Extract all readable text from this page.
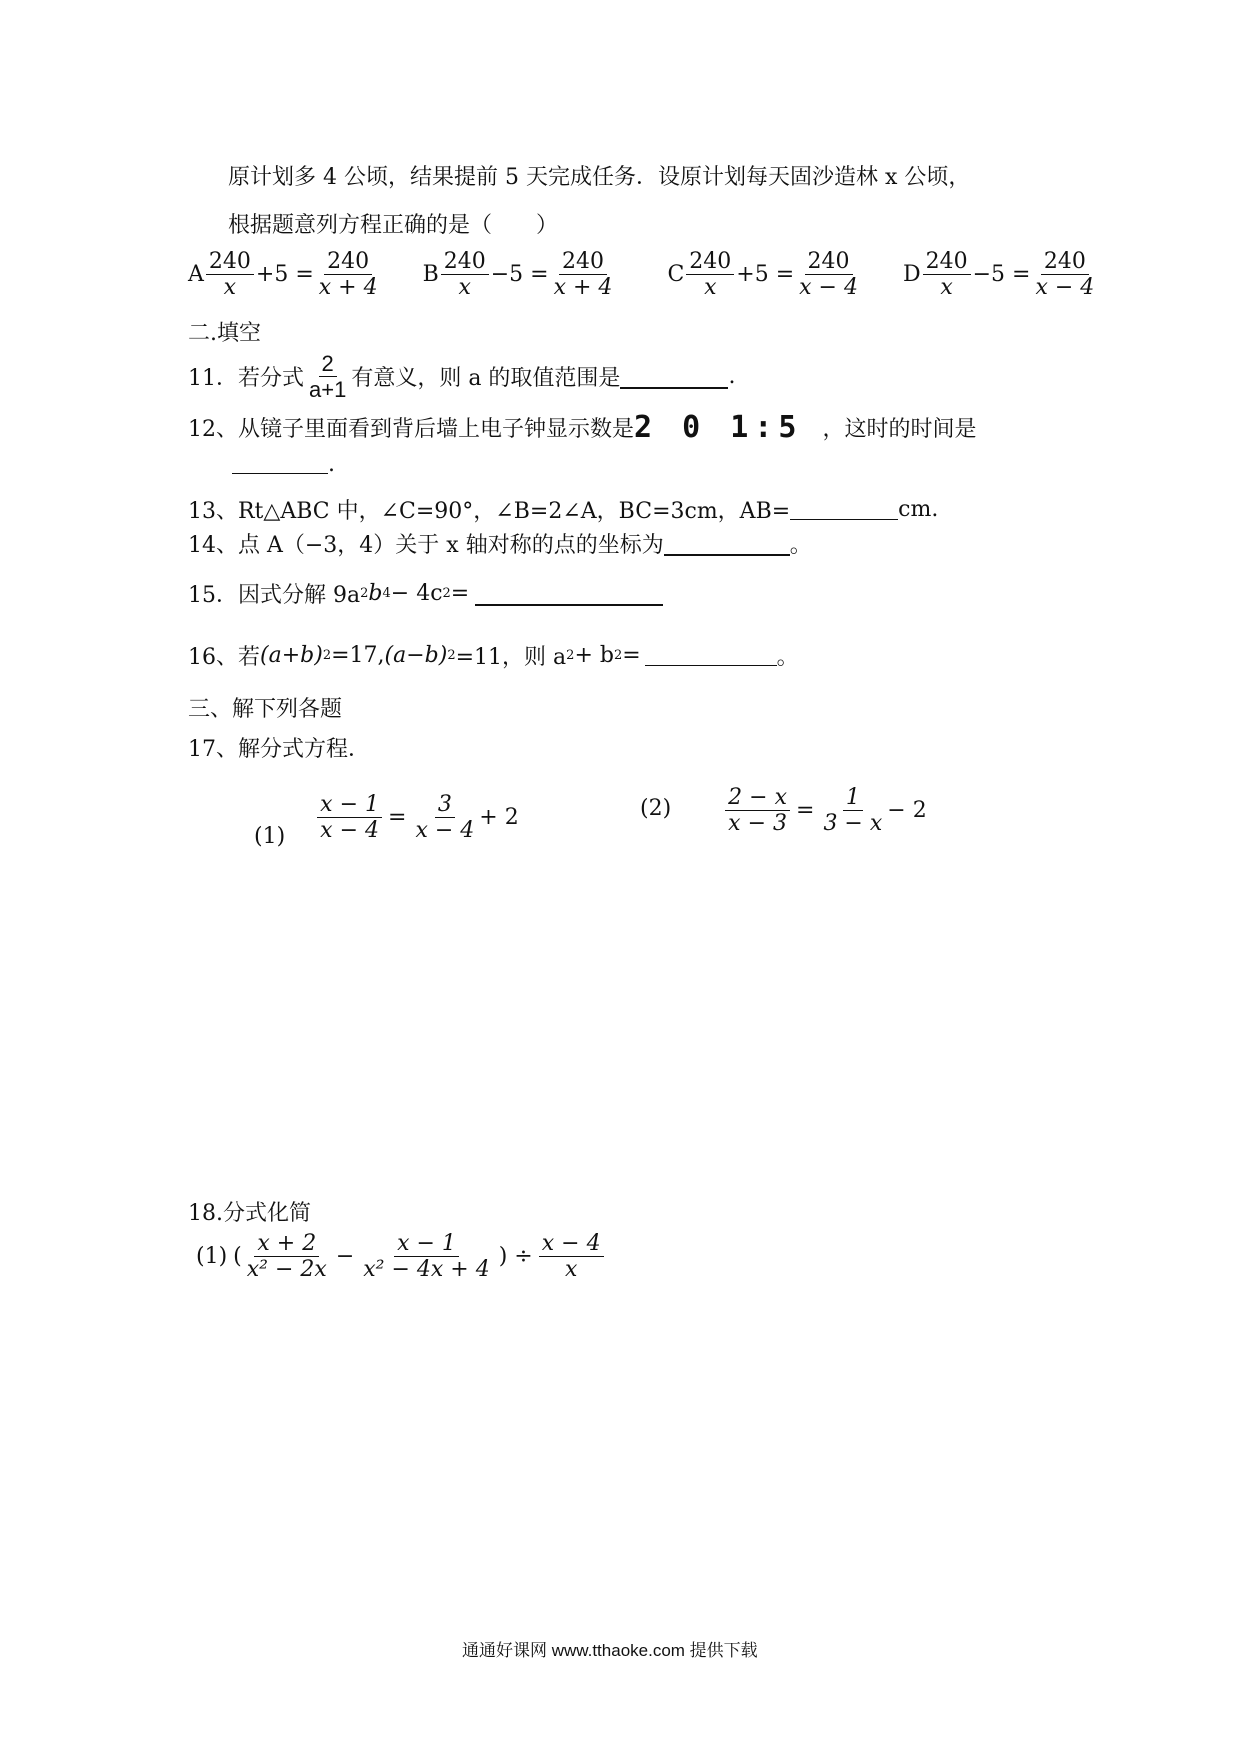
原计划多 4 公顷，结果提前 5 天完成任务．设原计划每天固沙造林 x 公顷，
根据题意列方程正确的是（　　）
A $\frac{240}{x} +5 = \frac{240}{x + 4}$ B $\frac{240}{x} -5 = \frac{240}{x + 4}$ C $\frac{240}{x} +5 = \frac{240}{x - 4}$ D $\frac{240}{x} -5 = \frac{240}{x - 4}$
二.填空
11．若分式 $\frac{2}{a+1}$ 有意义，则 a 的取值范围是	.
12、从镜子里面看到背后墙上电子钟显示数是 2 0 1:5 ，这时的时间是
.
13、Rt△ABC 中，∠C=90°，∠B=2∠A，BC=3cm，AB=	cm.
14、点 A（−3，4）关于 x 轴对称的点的坐标为	。
15．因式分解 9a 2 b 4 − 4c 2 =
16、若 (a+b) 2 =17, (a−b) 2 =11，则 a 2 + b 2 =	。
三、解下列各题
17、解分式方程．
$(1) \frac{x - 1}{x - 4} = \frac{3}{x - 4} + 2$	$(2) \frac{2 - x}{x - 3} = \frac{1}{3 - x} - 2$
18.分式化简
(1) ( $\frac{x + 2}{\text{x² − 2x}} - \frac{x - 1}{\text{x² − 4x + 4}}$ ) ÷ $\frac{x - 4}{x}$
通通好课网 www.tthaoke.com 提供下载
